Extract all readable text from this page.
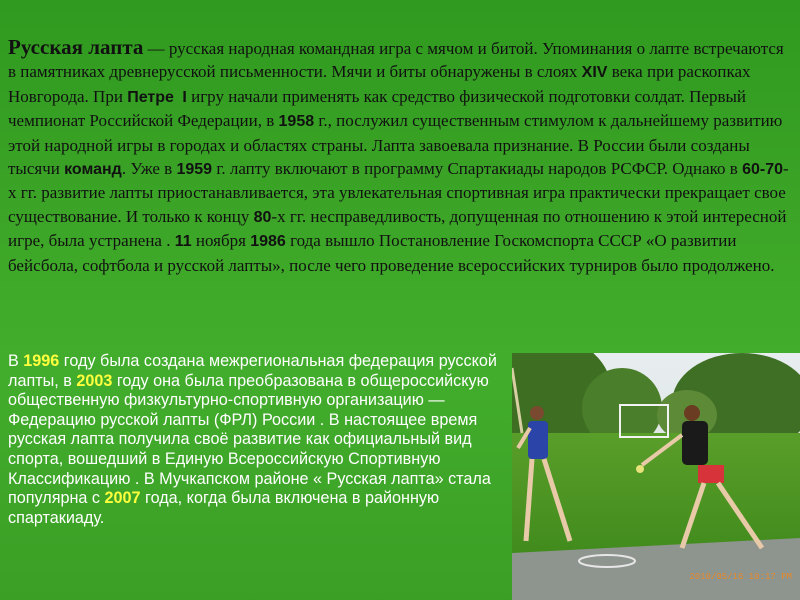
Русская лапта — русская народная командная игра с мячом и битой. Упоминания о лапте встречаются в памятниках древнерусской письменности. Мячи и биты обнаружены в слоях XIV века при раскопках Новгорода. При Петре I игру начали применять как средство физической подготовки солдат. Первый чемпионат Российской Федерации, в 1958 г., послужил существенным стимулом к дальнейшему развитию этой народной игры в городах и областях страны. Лапта завоевала признание. В России были созданы тысячи команд. Уже в 1959 г. лапту включают в программу Спартакиады народов РСФСР. Однако в 60-70-х гг. развитие лапты приостанавливается, эта увлекательная спортивная игра практически прекращает свое существование. И только к концу 80-х гг. несправедливость, допущенная по отношению к этой интересной игре, была устранена . 11 ноября 1986 года вышло Постановление Госкомспорта СССР «О развитии бейсбола, софтбола и русской лапты», после чего проведение всероссийских турниров было продолжено.
В 1996 году была создана межрегиональная федерация русской лапты, в 2003 году она была преобразована в общероссийскую общественную физкультурно-спортивную организацию — Федерацию русской лапты (ФРЛ) России . В настоящее время русская лапта получила своё развитие как официальный вид спорта, вошедший в Единую Всероссийскую Спортивную Классификацию . В Мучкапском районе « Русская лапта» стала популярна с 2007 года, когда была включена в районную спартакиаду.
2010/05/16 10:17 PM
